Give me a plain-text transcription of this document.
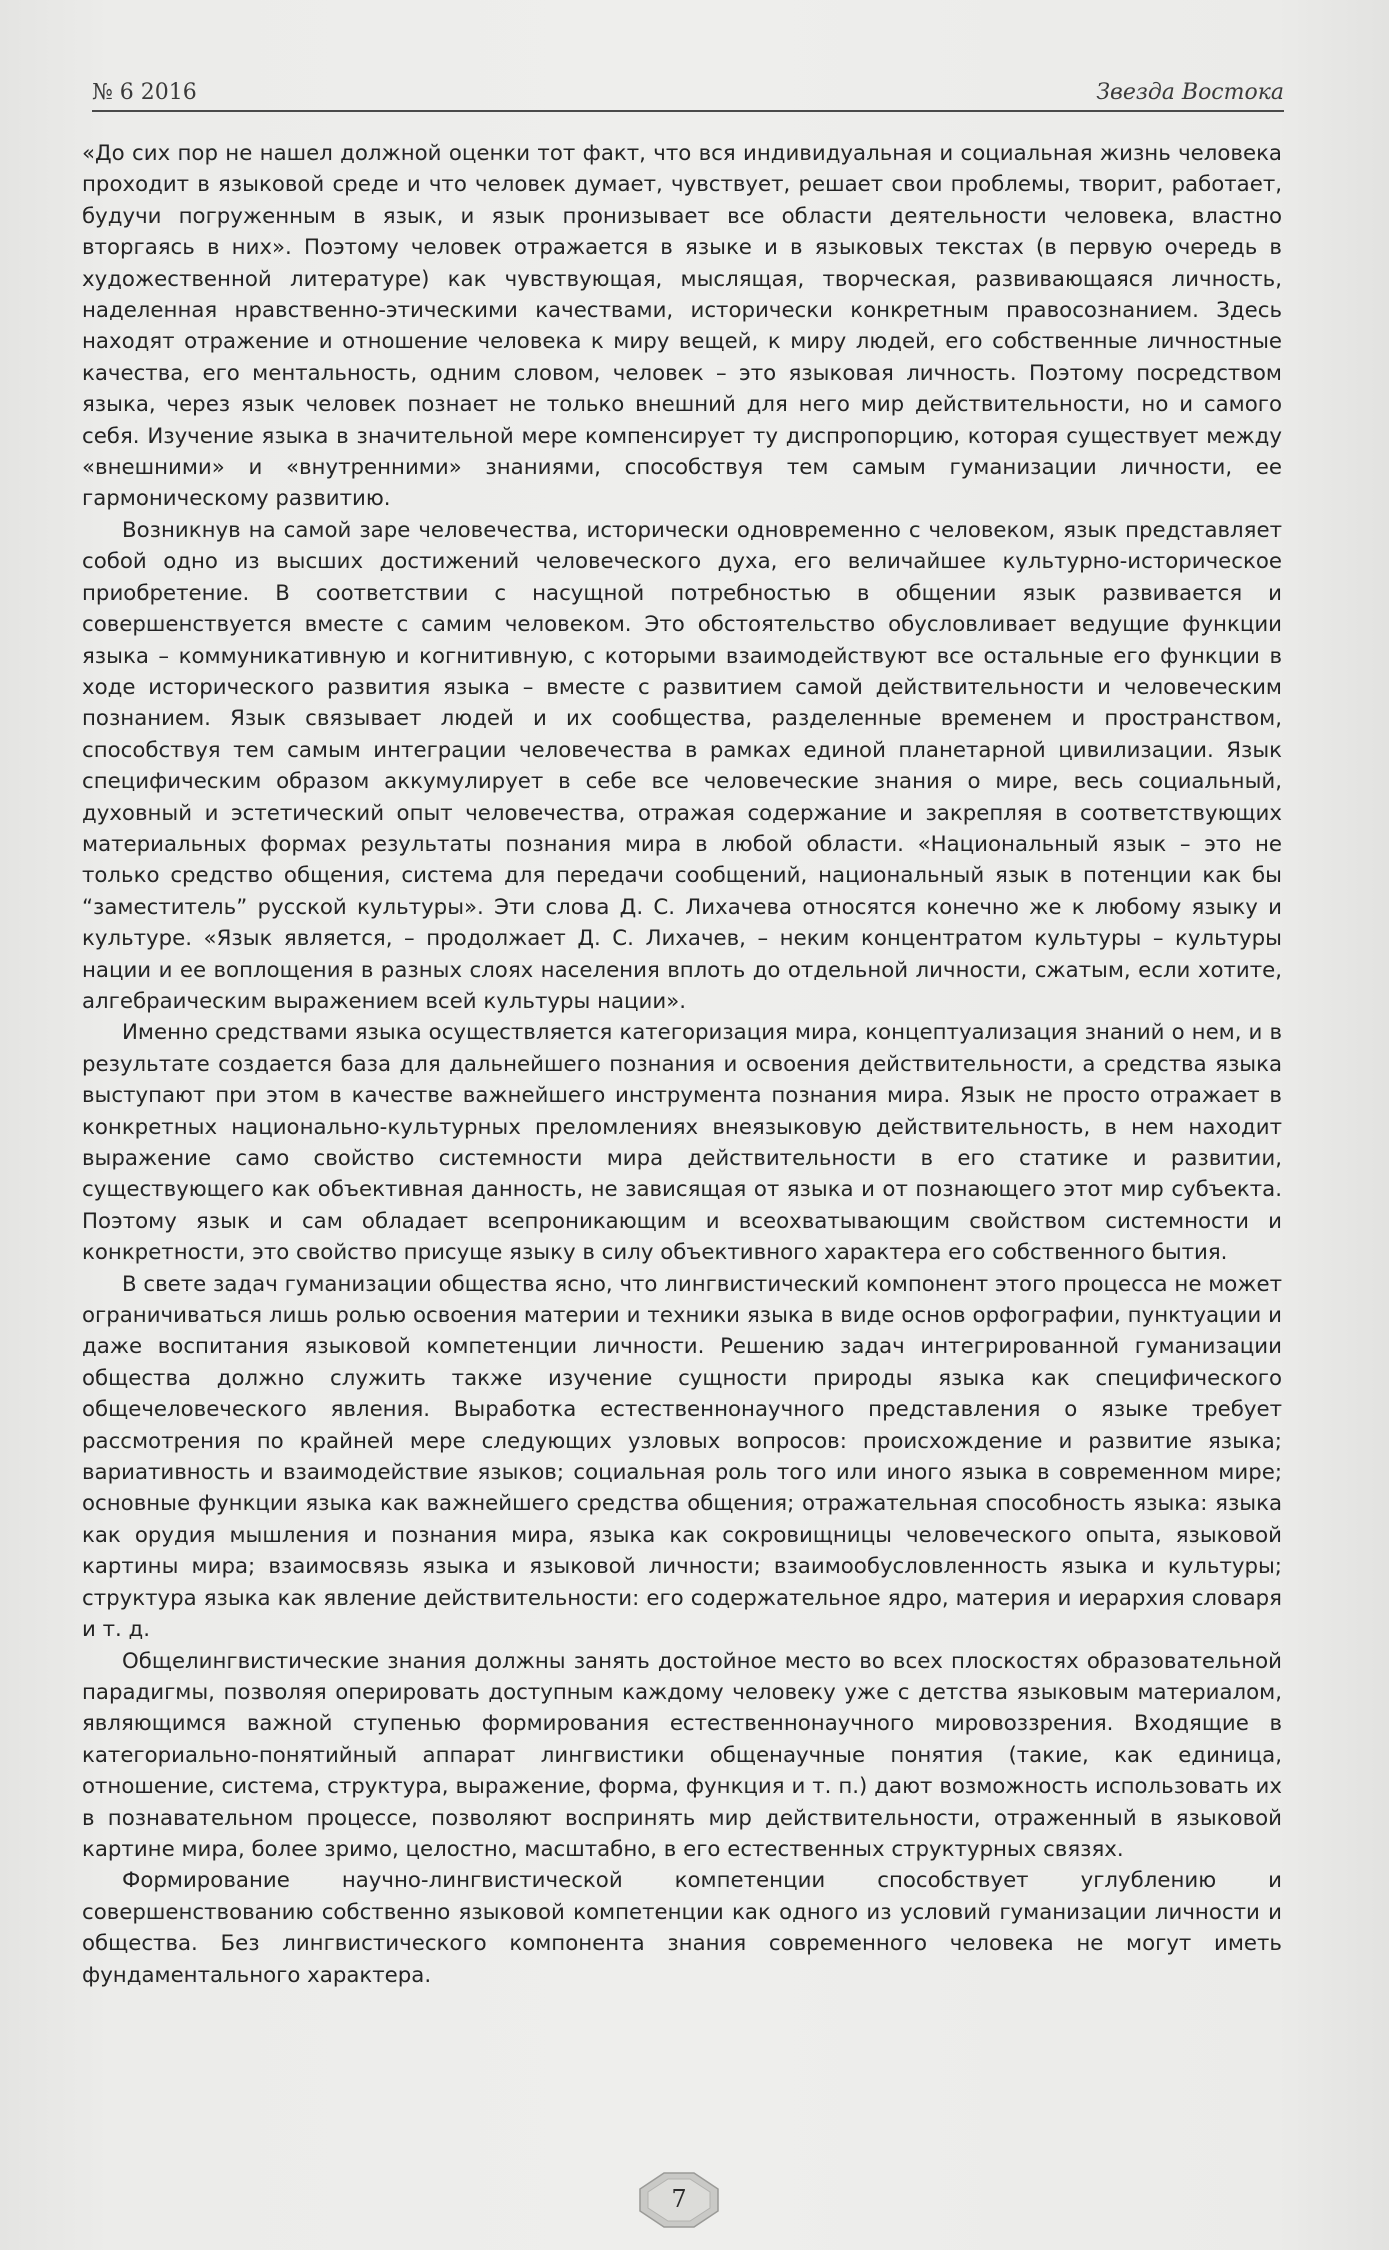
№ 6 2016	Звезда Востока

«До сих пор не нашел должной оценки тот факт, что вся индивидуальная и социальная жизнь человека проходит в языковой среде и что человек думает, чувствует, решает свои проблемы, творит, работает, будучи погруженным в язык, и язык пронизывает все области деятельности человека, властно вторгаясь в них». Поэтому человек отражается в языке и в языковых текстах (в первую очередь в художественной литературе) как чувствующая, мыслящая, творческая, развивающаяся личность, наделенная нравственно-этическими качествами, исторически конкретным правосознанием. Здесь находят отражение и отношение человека к миру вещей, к миру людей, его собственные личностные качества, его ментальность, одним словом, человек – это языковая личность. Поэтому посредством языка, через язык человек познает не только внешний для него мир действительности, но и самого себя. Изучение языка в значительной мере компенсирует ту диспропорцию, которая существует между «внешними» и «внутренними» знаниями, способствуя тем самым гуманизации личности, ее гармоническому развитию.

Возникнув на самой заре человечества, исторически одновременно с человеком, язык представляет собой одно из высших достижений человеческого духа, его величайшее культурно-историческое приобретение. В соответствии с насущной потребностью в общении язык развивается и совершенствуется вместе с самим человеком. Это обстоятельство обусловливает ведущие функции языка – коммуникативную и когнитивную, с которыми взаимодействуют все остальные его функции в ходе исторического развития языка – вместе с развитием самой действительности и человеческим познанием. Язык связывает людей и их сообщества, разделенные временем и пространством, способствуя тем самым интеграции человечества в рамках единой планетарной цивилизации. Язык специфическим образом аккумулирует в себе все человеческие знания о мире, весь социальный, духовный и эстетический опыт человечества, отражая содержание и закрепляя в соответствующих материальных формах результаты познания мира в любой области. «Национальный язык – это не только средство общения, система для передачи сообщений, национальный язык в потенции как бы “заместитель” русской культуры». Эти слова Д. С. Лихачева относятся конечно же к любому языку и культуре. «Язык является, – продолжает Д. С. Лихачев, – неким концентратом культуры – культуры нации и ее воплощения в разных слоях населения вплоть до отдельной личности, сжатым, если хотите, алгебраическим выражением всей культуры нации».

Именно средствами языка осуществляется категоризация мира, концептуализация знаний о нем, и в результате создается база для дальнейшего познания и освоения действительности, а средства языка выступают при этом в качестве важнейшего инструмента познания мира. Язык не просто отражает в конкретных национально-культурных преломлениях внеязыковую действительность, в нем находит выражение само свойство системности мира действительности в его статике и развитии, существующего как объективная данность, не зависящая от языка и от познающего этот мир субъекта. Поэтому язык и сам обладает всепроникающим и всеохватывающим свойством системности и конкретности, это свойство присуще языку в силу объективного характера его собственного бытия.

В свете задач гуманизации общества ясно, что лингвистический компонент этого процесса не может ограничиваться лишь ролью освоения материи и техники языка в виде основ орфографии, пунктуации и даже воспитания языковой компетенции личности. Решению задач интегрированной гуманизации общества должно служить также изучение сущности природы языка как специфического общечеловеческого явления. Выработка естественнонаучного представления о языке требует рассмотрения по крайней мере следующих узловых вопросов: происхождение и развитие языка; вариативность и взаимодействие языков; социальная роль того или иного языка в современном мире; основные функции языка как важнейшего средства общения; отражательная способность языка: языка как орудия мышления и познания мира, языка как сокровищницы человеческого опыта, языковой картины мира; взаимосвязь языка и языковой личности; взаимообусловленность языка и культуры; структура языка как явление действительности: его содержательное ядро, материя и иерархия словаря и т. д.

Общелингвистические знания должны занять достойное место во всех плоскостях образовательной парадигмы, позволяя оперировать доступным каждому человеку уже с детства языковым материалом, являющимся важной ступенью формирования естественнонаучного мировоззрения. Входящие в категориально-понятийный аппарат лингвистики общенаучные понятия (такие, как единица, отношение, система, структура, выражение, форма, функция и т. п.) дают возможность использовать их в познавательном процессе, позволяют воспринять мир действительности, отраженный в языковой картине мира, более зримо, целостно, масштабно, в его естественных структурных связях.

Формирование научно-лингвистической компетенции способствует углублению и совершенствованию собственно языковой компетенции как одного из условий гуманизации личности и общества. Без лингвистического компонента знания современного человека не могут иметь фундаментального характера.

7
